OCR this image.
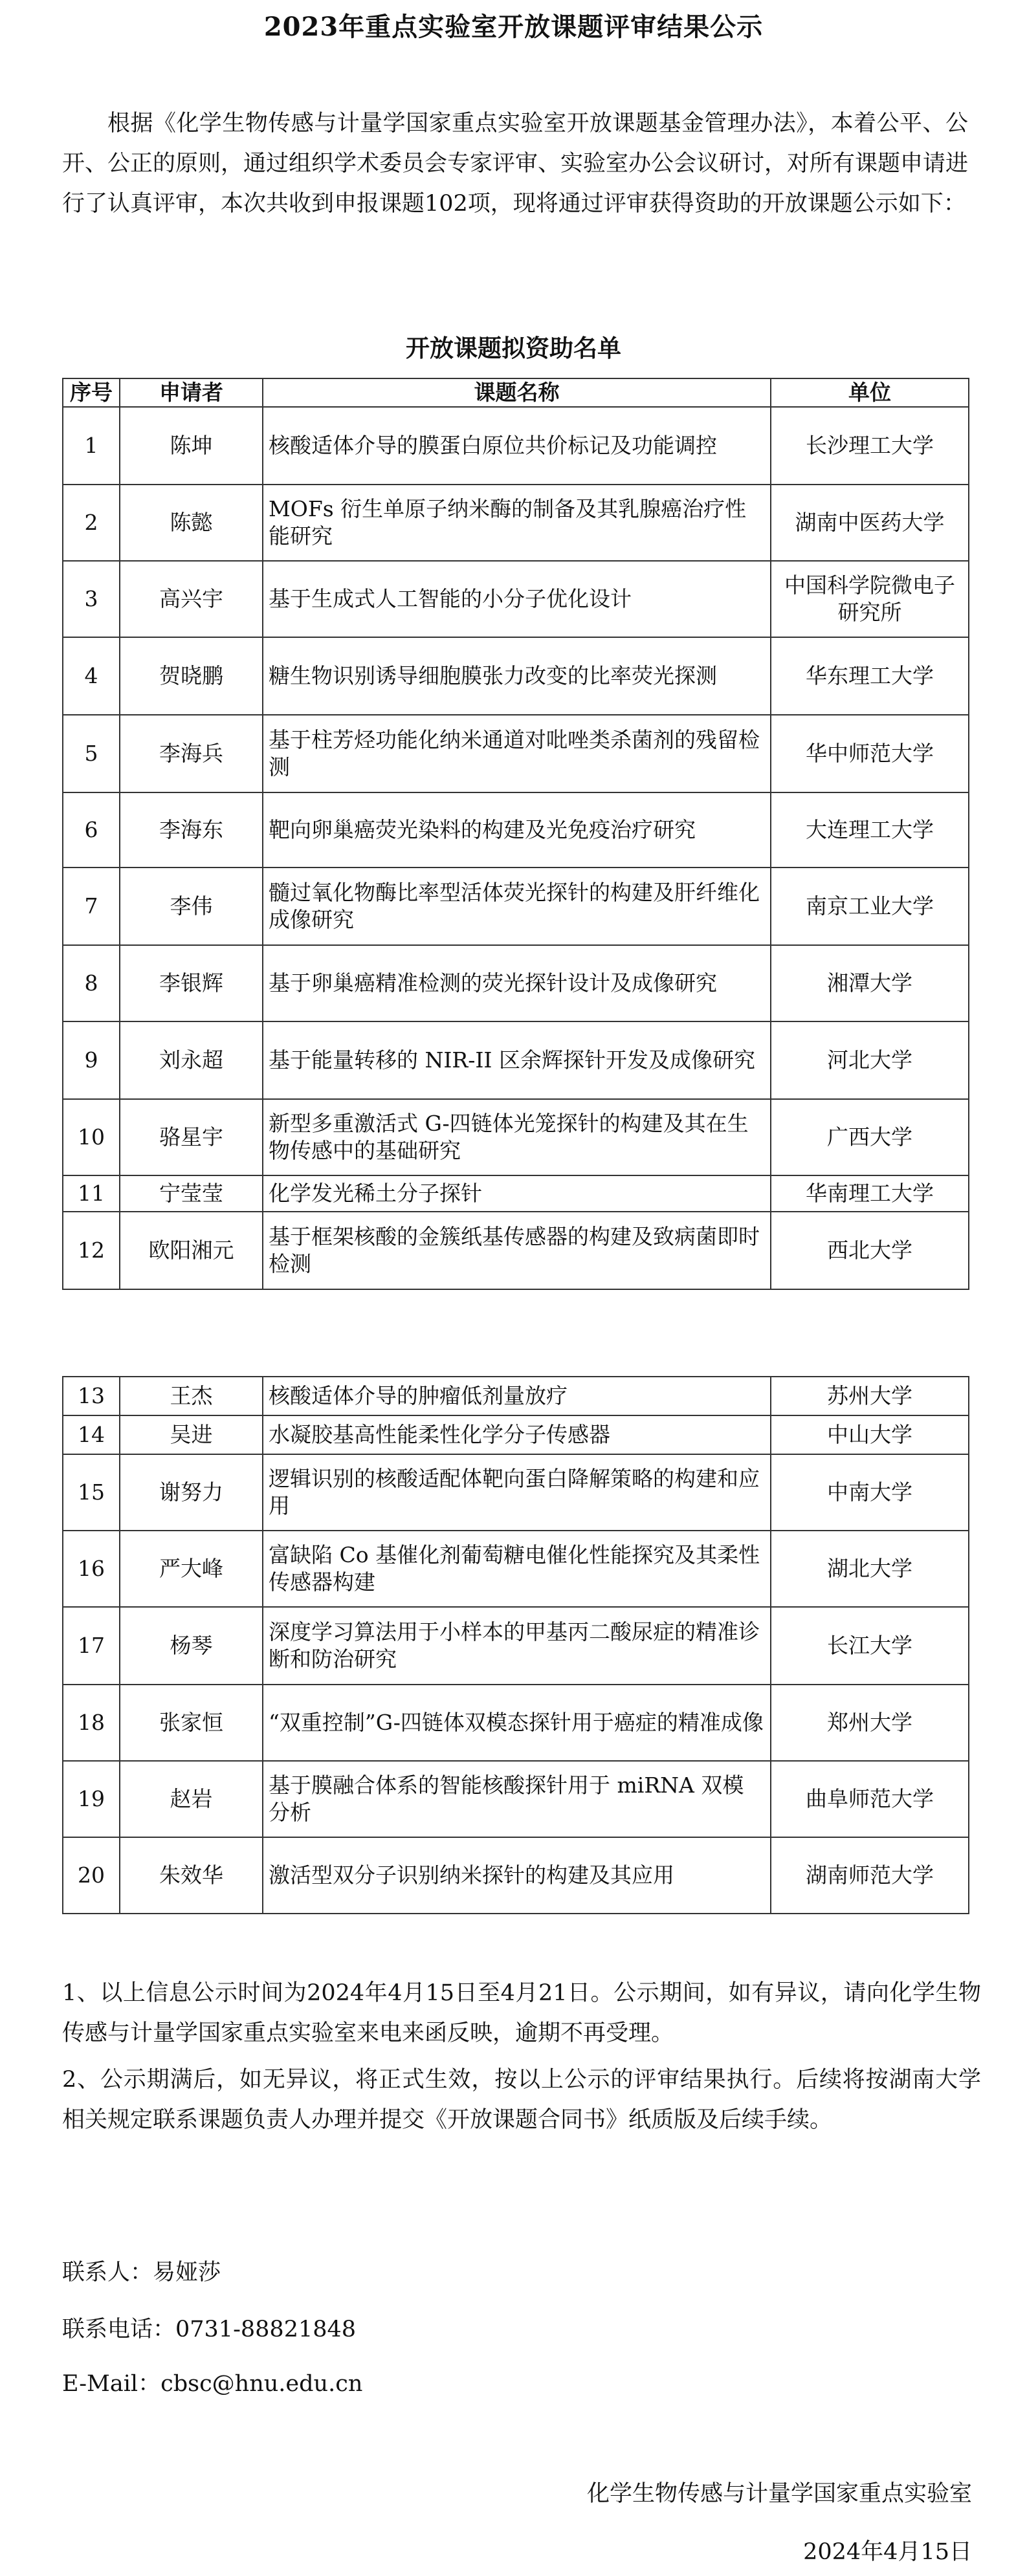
2023年重点实验室开放课题评审结果公示

根据《化学生物传感与计量学国家重点实验室开放课题基金管理办法》，本着公平、公开、公正的原则，通过组织学术委员会专家评审、实验室办公会议研讨，对所有课题申请进行了认真评审，本次共收到申报课题102项，现将通过评审获得资助的开放课题公示如下：

开放课题拟资助名单
序号	申请者	课题名称	单位
1	陈坤	核酸适体介导的膜蛋白原位共价标记及功能调控	长沙理工大学
2	陈懿	MOFs 衍生单原子纳米酶的制备及其乳腺癌治疗性能研究	湖南中医药大学
3	高兴宇	基于生成式人工智能的小分子优化设计	中国科学院微电子研究所
4	贺晓鹏	糖生物识别诱导细胞膜张力改变的比率荧光探测	华东理工大学
5	李海兵	基于柱芳烃功能化纳米通道对吡唑类杀菌剂的残留检测	华中师范大学
6	李海东	靶向卵巢癌荧光染料的构建及光免疫治疗研究	大连理工大学
7	李伟	髓过氧化物酶比率型活体荧光探针的构建及肝纤维化成像研究	南京工业大学
8	李银辉	基于卵巢癌精准检测的荧光探针设计及成像研究	湘潭大学
9	刘永超	基于能量转移的 NIR-II 区余辉探针开发及成像研究	河北大学
10	骆星宇	新型多重激活式 G-四链体光笼探针的构建及其在生物传感中的基础研究	广西大学
11	宁莹莹	化学发光稀土分子探针	华南理工大学
12	欧阳湘元	基于框架核酸的金簇纸基传感器的构建及致病菌即时检测	西北大学
13	王杰	核酸适体介导的肿瘤低剂量放疗	苏州大学
14	吴进	水凝胶基高性能柔性化学分子传感器	中山大学
15	谢努力	逻辑识别的核酸适配体靶向蛋白降解策略的构建和应用	中南大学
16	严大峰	富缺陷 Co 基催化剂葡萄糖电催化性能探究及其柔性传感器构建	湖北大学
17	杨琴	深度学习算法用于小样本的甲基丙二酸尿症的精准诊断和防治研究	长江大学
18	张家恒	“双重控制”G-四链体双模态探针用于癌症的精准成像	郑州大学
19	赵岩	基于膜融合体系的智能核酸探针用于 miRNA 双模分析	曲阜师范大学
20	朱效华	激活型双分子识别纳米探针的构建及其应用	湖南师范大学

1、以上信息公示时间为2024年4月15日至4月21日。公示期间，如有异议，请向化学生物传感与计量学国家重点实验室来电来函反映，逾期不再受理。

2、公示期满后，如无异议，将正式生效，按以上公示的评审结果执行。后续将按湖南大学相关规定联系课题负责人办理并提交《开放课题合同书》纸质版及后续手续。

联系人：易娅莎
联系电话：0731-88821848
E-Mail：cbsc@hnu.edu.cn
化学生物传感与计量学国家重点实验室
2024年4月15日
